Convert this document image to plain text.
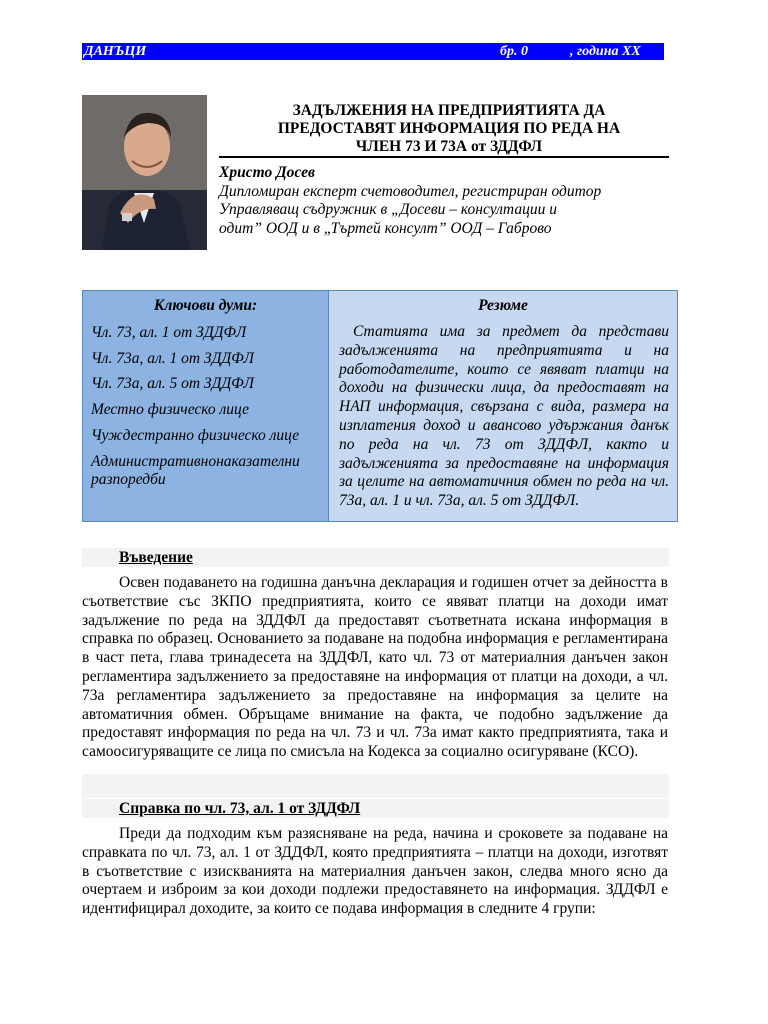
ДАНЪЦИ	бр. 0	, година ХХ
ЗАДЪЛЖЕНИЯ НА ПРЕДПРИЯТИЯТА ДА
ПРЕДОСТАВЯТ ИНФОРМАЦИЯ ПО РЕДА НА
ЧЛЕН 73 И 73А от ЗДДФЛ
Христо Досев
Дипломиран експерт счетоводител, регистриран одитор
Управляващ съдружник в „Досеви – консултации и
одит” ООД и в „Търтей консулт” ООД – Габрово
Ключови думи:
Чл. 73, ал. 1 от ЗДДФЛ
Чл. 73а, ал. 1 от ЗДДФЛ
Чл. 73а, ал. 5 от ЗДДФЛ
Местно физическо лице
Чуждестранно физическо лице
Административнонаказателни разпоредби
Резюме
Статията има за предмет да представи задълженията на предприятията и на работодателите, които се явяват платци на доходи на физически лица, да предоставят на НАП информация, свързана с вида, размера на изплатения доход и авансово удържания данък по реда на чл. 73 от ЗДДФЛ, както и задълженията за предоставяне на информация за целите на автоматичния обмен по реда на чл. 73а, ал. 1 и чл. 73а, ал. 5 от ЗДДФЛ.
Въведение
Освен подаването на годишна данъчна декларация и годишен отчет за дейността в съответствие със ЗКПО предприятията, които се явяват платци на доходи имат задължение по реда на ЗДДФЛ да предоставят съответната искана информация в справка по образец. Основанието за подаване на подобна информация е регламентирана в част пета, глава тринадесета на ЗДДФЛ, като чл. 73 от материалния данъчен закон регламентира задължението за предоставяне на информация от платци на доходи, а чл. 73а регламентира задължението за предоставяне на информация за целите на автоматичния обмен. Обръщаме внимание на факта, че подобно задължение да предоставят информация по реда на чл. 73 и чл. 73а имат както предприятията, така и самоосигуряващите се лица по смисъла на Кодекса за социално осигуряване (КСО).
Справка по чл. 73, ал. 1 от ЗДДФЛ
Преди да подходим към разясняване на реда, начина и сроковете за подаване на справката по чл. 73, ал. 1 от ЗДДФЛ, която предприятията – платци на доходи, изготвят в съответствие с изискванията на материалния данъчен закон, следва много ясно да очертаем и изброим за кои доходи подлежи предоставянето на информация. ЗДДФЛ е идентифицирал доходите, за които се подава информация в следните 4 групи:
